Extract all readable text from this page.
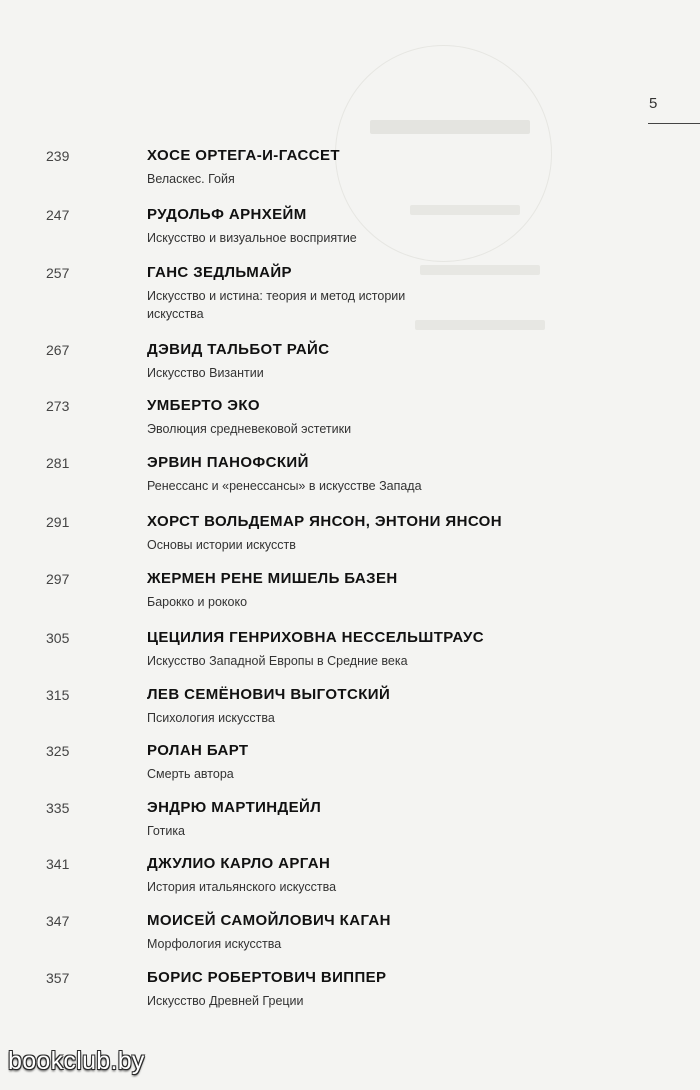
5
239	ХОСЕ ОРТЕГА-И-ГАССЕТ
Веласкес. Гойя
247	РУДОЛЬФ АРНХЕЙМ
Искусство и визуальное восприятие
257	ГАНС ЗЕДЛЬМАЙР
Искусство и истина: теория и метод истории искусства
267	ДЭВИД ТАЛЬБОТ РАЙС
Искусство Византии
273	УМБЕРТО ЭКО
Эволюция средневековой эстетики
281	ЭРВИН ПАНОФСКИЙ
Ренессанс и «ренессансы» в искусстве Запада
291	ХОРСТ ВОЛЬДЕМАР ЯНСОН, ЭНТОНИ ЯНСОН
Основы истории искусств
297	ЖЕРМЕН РЕНЕ МИШЕЛЬ БАЗЕН
Барокко и рококо
305	ЦЕЦИЛИЯ ГЕНРИХОВНА НЕССЕЛЬШТРАУС
Искусство Западной Европы в Средние века
315	ЛЕВ СЕМЁНОВИЧ ВЫГОТСКИЙ
Психология искусства
325	РОЛАН БАРТ
Смерть автора
335	ЭНДРЮ МАРТИНДЕЙЛ
Готика
341	ДЖУЛИО КАРЛО АРГАН
История итальянского искусства
347	МОИСЕЙ САМОЙЛОВИЧ КАГАН
Морфология искусства
357	БОРИС РОБЕРТОВИЧ ВИППЕР
Искусство Древней Греции
bookclub.by
